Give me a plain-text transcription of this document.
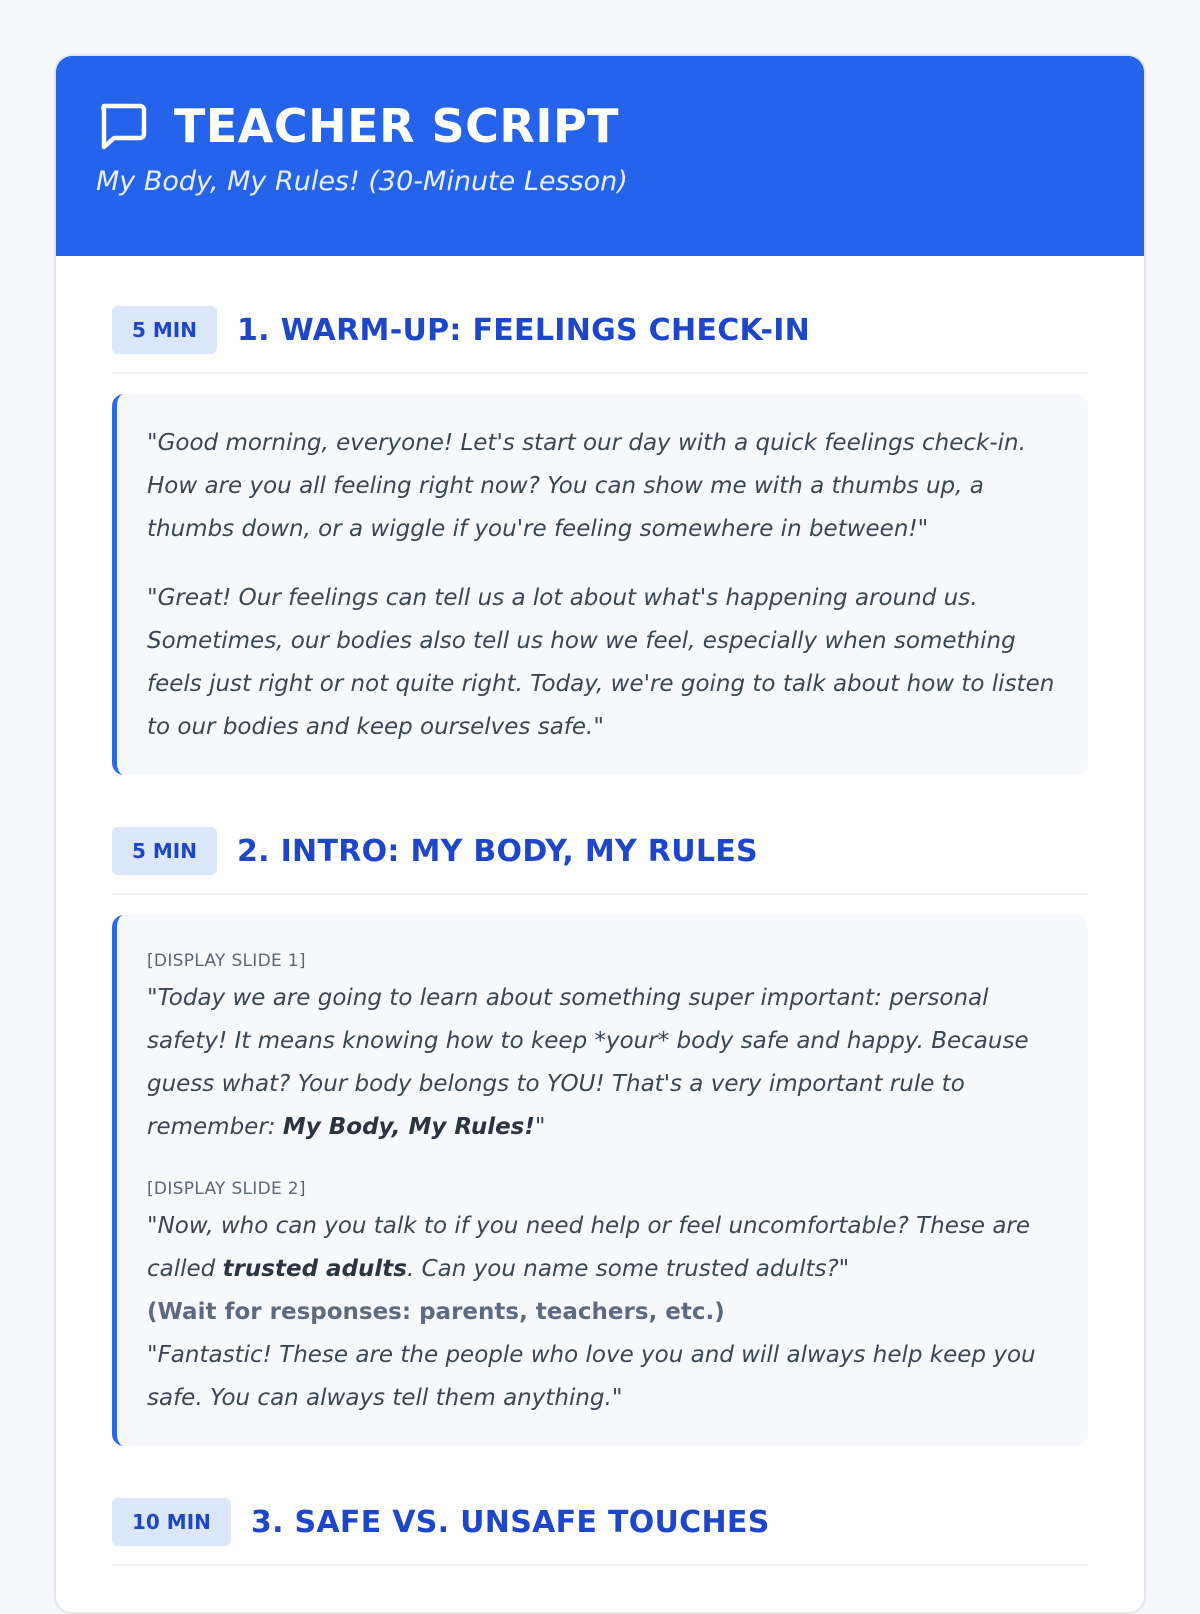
TEACHER SCRIPT
My Body, My Rules! (30-Minute Lesson)
5 MIN	1. WARM-UP: FEELINGS CHECK-IN

"Good morning, everyone! Let's start our day with a quick feelings check-in. How are you all feeling right now? You can show me with a thumbs up, a thumbs down, or a wiggle if you're feeling somewhere in between!"

"Great! Our feelings can tell us a lot about what's happening around us. Sometimes, our bodies also tell us how we feel, especially when something feels just right or not quite right. Today, we're going to talk about how to listen to our bodies and keep ourselves safe."

5 MIN	2. INTRO: MY BODY, MY RULES
[DISPLAY SLIDE 1]

"Today we are going to learn about something super important: personal safety! It means knowing how to keep *your* body safe and happy. Because guess what? Your body belongs to YOU! That's a very important rule to remember: My Body, My Rules!"

[DISPLAY SLIDE 2]

"Now, who can you talk to if you need help or feel uncomfortable? These are called trusted adults. Can you name some trusted adults?"

(Wait for responses: parents, teachers, etc.)

"Fantastic! These are the people who love you and will always help keep you safe. You can always tell them anything."

10 MIN	3. SAFE VS. UNSAFE TOUCHES
